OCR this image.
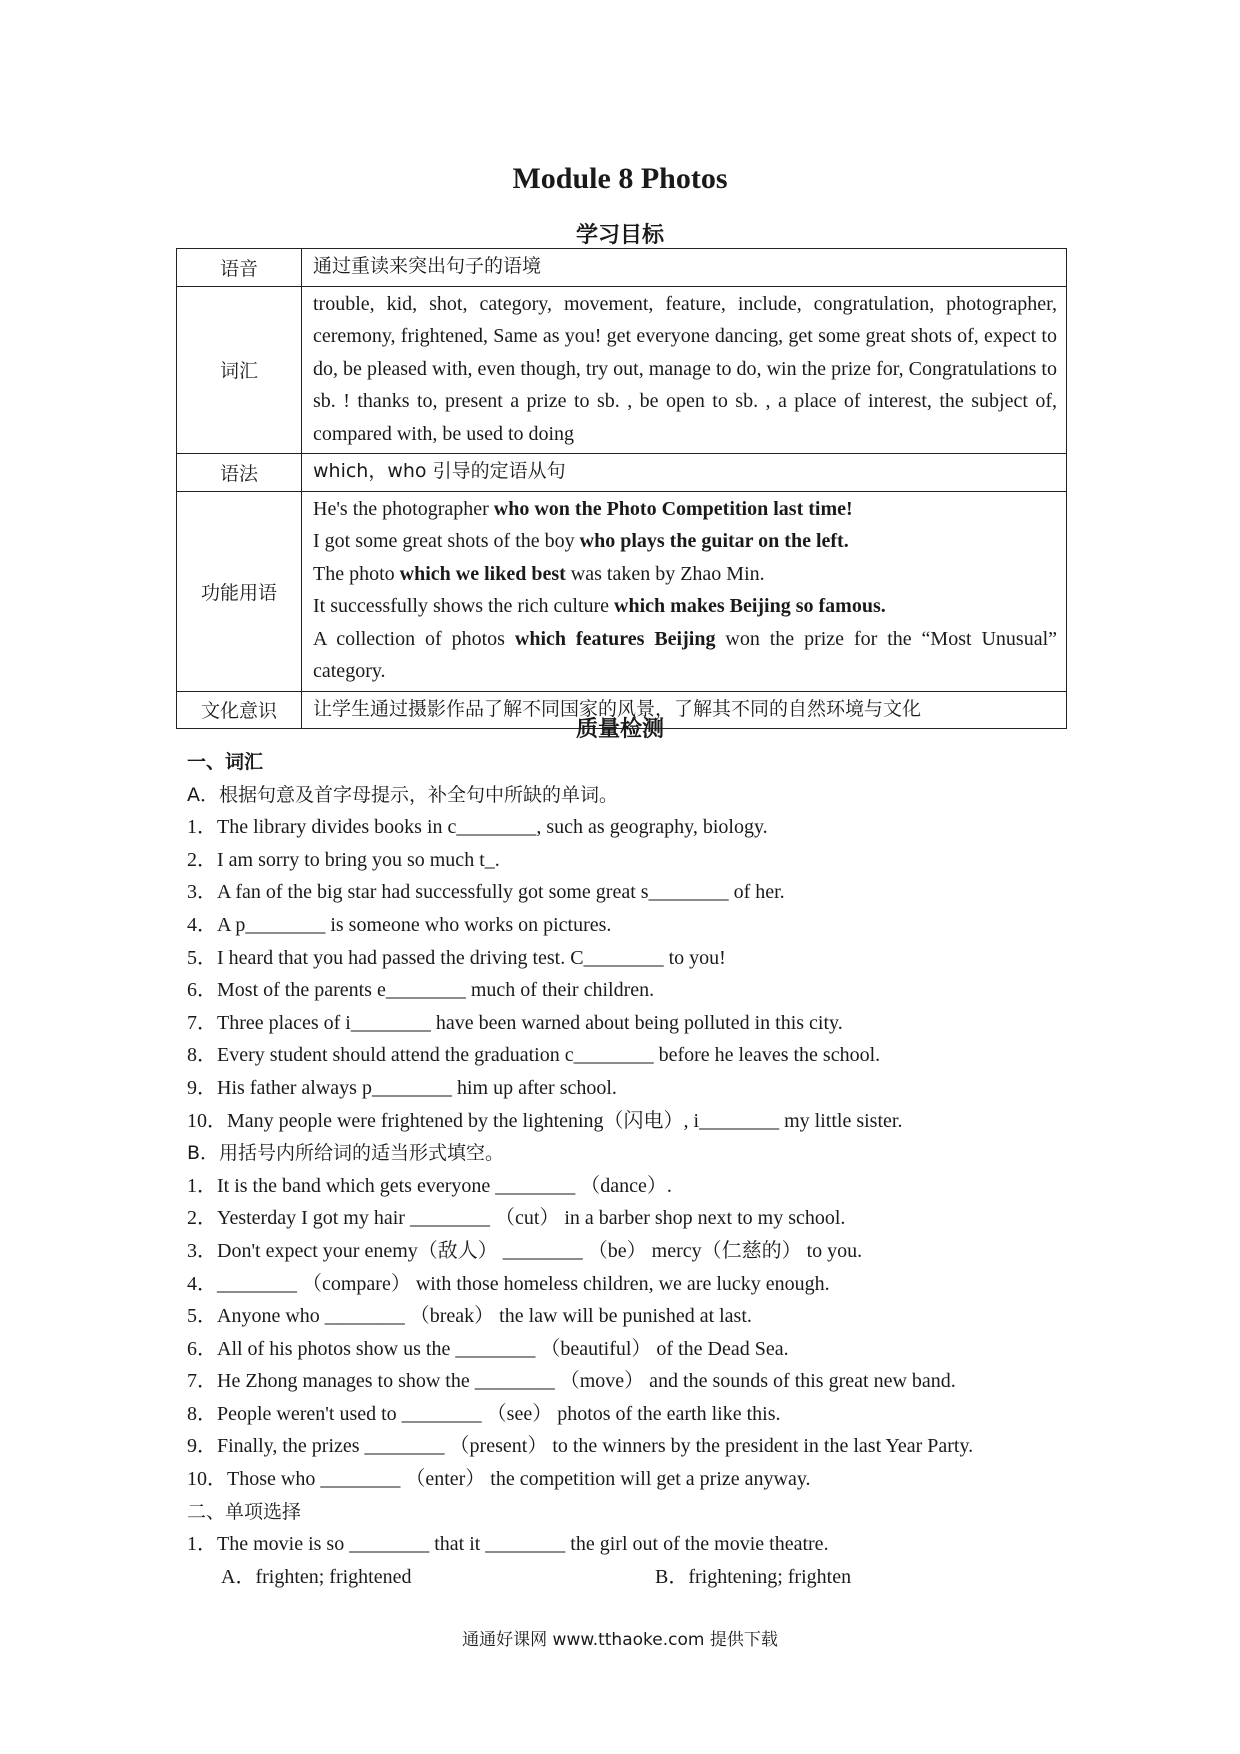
Module 8 Photos
学习目标
语音	通过重读来突出句子的语境
词汇	trouble, kid, shot, category, movement, feature, include, congratulation, photographer, ceremony, frightened, Same as you! get everyone dancing, get some great shots of, expect to do, be pleased with, even though, try out, manage to do, win the prize for, Congratulations to sb. ! thanks to, present a prize to sb. , be open to sb. , a place of interest, the subject of, compared with, be used to doing
语法	which，who 引导的定语从句
功能用语	He's the photographer who won the Photo Competition last time!
I got some great shots of the boy who plays the guitar on the left.
The photo which we liked best was taken by Zhao Min.
It successfully shows the rich culture which makes Beijing so famous.
A collection of photos which features Beijing won the prize for the “Most Unusual” category.

文化意识	让学生通过摄影作品了解不同国家的风景，了解其不同的自然环境与文化
质量检测
一、词汇
A．根据句意及首字母提示，补全句中所缺的单词。
1．The library divides books in c________, such as geography, biology.
2．I am sorry to bring you so much t_.
3．A fan of the big star had successfully got some great s________ of her.
4．A p________ is someone who works on pictures.
5．I heard that you had passed the driving test. C________ to you!
6．Most of the parents e________ much of their children.
7．Three places of i________ have been warned about being polluted in this city.
8．Every student should attend the graduation c________ before he leaves the school.
9．His father always p________ him up after school.
10．Many people were frightened by the lightening（闪电）, i________ my little sister.
B．用括号内所给词的适当形式填空。
1．It is the band which gets everyone ________ （dance）.
2．Yesterday I got my hair ________ （cut） in a barber shop next to my school.
3．Don't expect your enemy（敌人） ________ （be） mercy（仁慈的） to you.
4．________ （compare） with those homeless children, we are lucky enough.
5．Anyone who ________ （break） the law will be punished at last.
6．All of his photos show us the ________ （beautiful） of the Dead Sea.
7．He Zhong manages to show the ________ （move） and the sounds of this great new band.
8．People weren't used to ________ （see） photos of the earth like this.
9．Finally, the prizes ________ （present） to the winners by the president in the last Year Party.
10．Those who ________ （enter） the competition will get a prize anyway.
二、单项选择
1．The movie is so ________ that it ________ the girl out of the movie theatre.
A．frighten; frightened	B．frightening; frighten
通通好课网 www.tthaoke.com 提供下载
